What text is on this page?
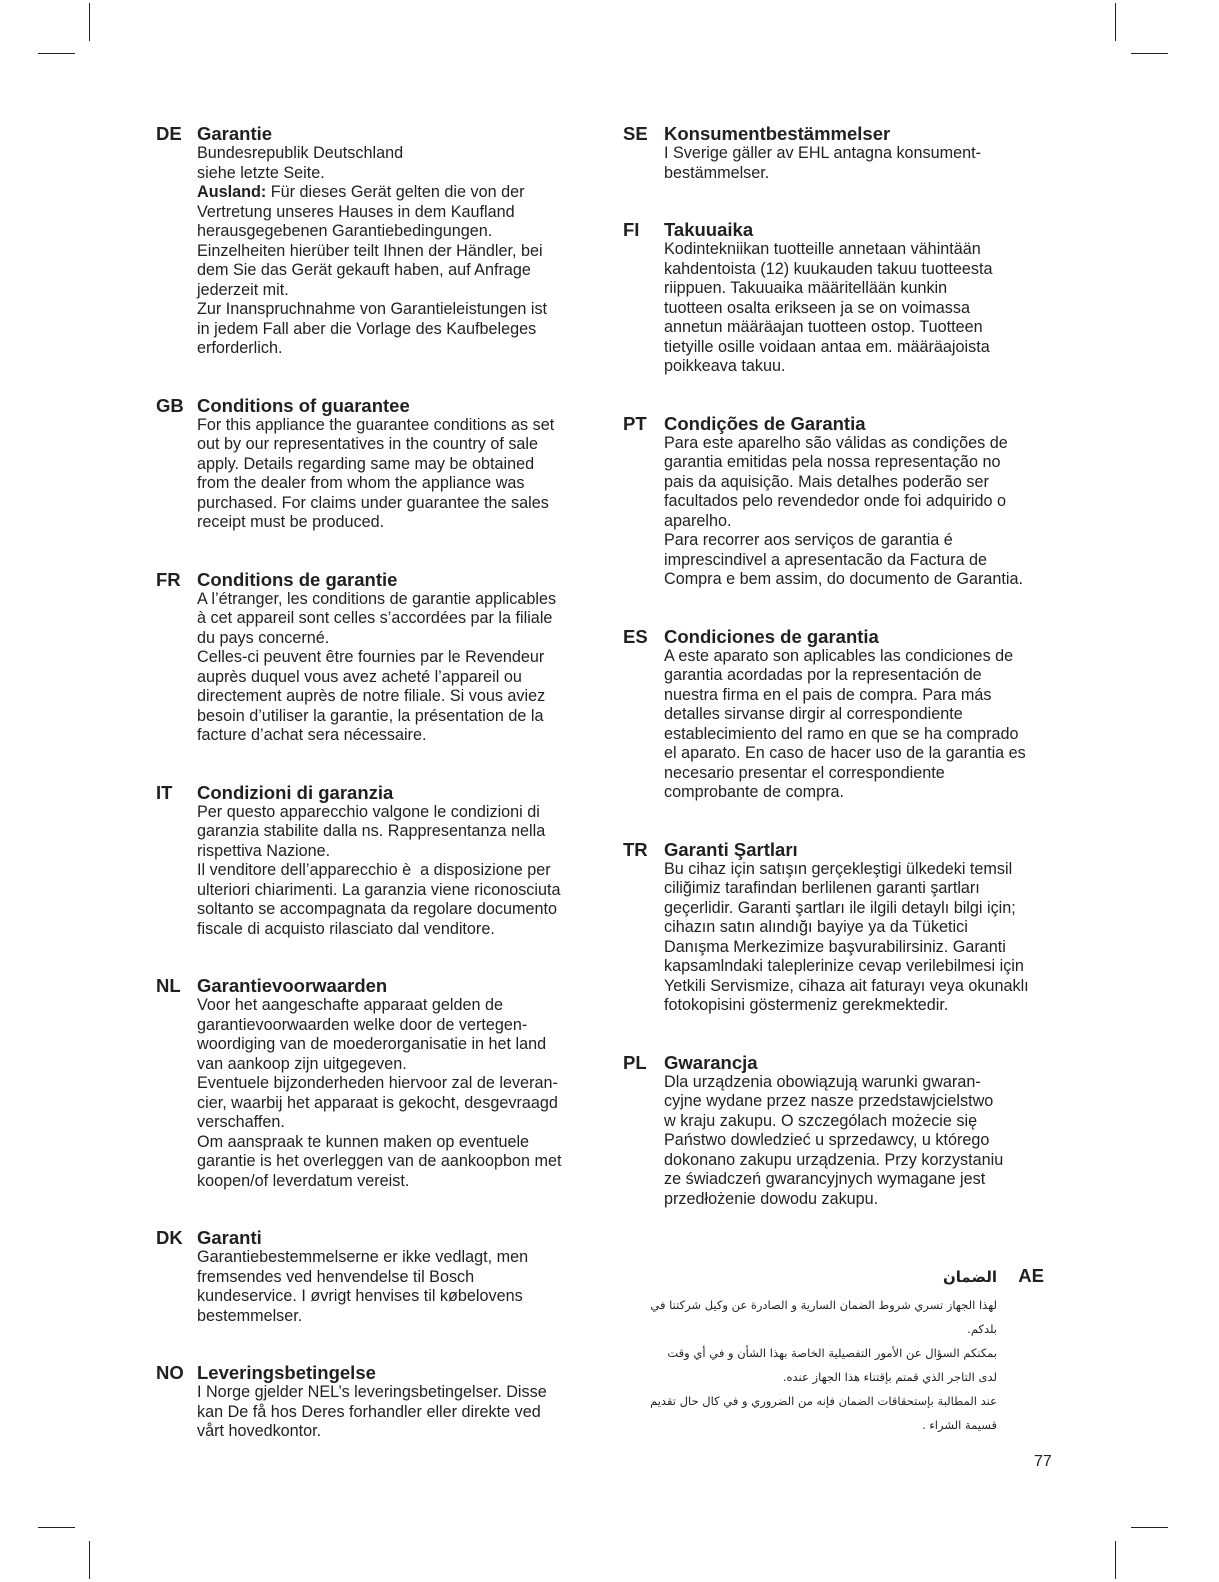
DE Garantie
Bundesrepublik Deutschland
siehe letzte Seite.
Ausland: Für dieses Gerät gelten die von der
Vertretung unseres Hauses in dem Kaufland
herausgegebenen Garantiebedingungen.
Einzelheiten hierüber teilt Ihnen der Händler, bei
dem Sie das Gerät gekauft haben, auf Anfrage
jederzeit mit.
Zur Inanspruchnahme von Garantieleistungen ist
in jedem Fall aber die Vorlage des Kaufbeleges
erforderlich.
GB Conditions of guarantee
For this appliance the guarantee conditions as set
out by our representatives in the country of sale
apply. Details regarding same may be obtained
from the dealer from whom the appliance was
purchased. For claims under guarantee the sales
receipt must be produced.
FR Conditions de garantie
A l’étranger, les conditions de garantie applicables
à cet appareil sont celles s’accordées par la filiale
du pays concerné.
Celles-ci peuvent être fournies par le Revendeur
auprès duquel vous avez acheté l’appareil ou
directement auprès de notre filiale. Si vous aviez
besoin d’utiliser la garantie, la présentation de la
facture d’achat sera nécessaire.
IT Condizioni di garanzia
Per questo apparecchio valgone le condizioni di
garanzia stabilite dalla ns. Rappresentanza nella
rispettiva Nazione.
Il venditore dell’apparecchio è  a disposizione per
ulteriori chiarimenti. La garanzia viene riconosciuta
soltanto se accompagnata da regolare documento
fiscale di acquisto rilasciato dal venditore.
NL Garantievoorwaarden
Voor het aangeschafte apparaat gelden de
garantievoorwaarden welke door de vertegen-
woordiging van de moederorganisatie in het land
van aankoop zijn uitgegeven.
Eventuele bijzonderheden hiervoor zal de leveran-
cier, waarbij het apparaat is gekocht, desgevraagd
verschaffen.
Om aanspraak te kunnen maken op eventuele
garantie is het overleggen van de aankoopbon met
koopen/of leverdatum vereist.
DK Garanti
Garantiebestemmelserne er ikke vedlagt, men
fremsendes ved henvendelse til Bosch
kundeservice. I øvrigt henvises til købelovens
bestemmelser.
NO Leveringsbetingelse
I Norge gjelder NEL’s leveringsbetingelser. Disse
kan De få hos Deres forhandler eller direkte ved
vårt hovedkontor.
SE Konsumentbestämmelser
I Sverige gäller av EHL antagna konsument-
bestämmelser.
FI Takuuaika
Kodintekniikan tuotteille annetaan vähintään
kahdentoista (12) kuukauden takuu tuotteesta
riippuen. Takuuaika määritellään kunkin
tuotteen osalta erikseen ja se on voimassa
annetun määräajan tuotteen ostop. Tuotteen
tietyille osille voidaan antaa em. määräajoista
poikkeava takuu.
PT Condições de Garantia
Para este aparelho são válidas as condições de
garantia emitidas pela nossa representação no
pais da aquisição. Mais detalhes poderão ser
facultados pelo revendedor onde foi adquirido o
aparelho.
Para recorrer aos serviços de garantia é
imprescindivel a apresentacão da Factura de
Compra e bem assim, do documento de Garantia.
ES Condiciones de garantia
A este aparato son aplicables las condiciones de
garantia acordadas por la representación de
nuestra firma en el pais de compra. Para más
detalles sirvanse dirgir al correspondiente
establecimiento del ramo en que se ha comprado
el aparato. En caso de hacer uso de la garantia es
necesario presentar el correspondiente
comprobante de compra.
TR Garanti Şartları
Bu cihaz için satışın gerçekleştigi ülkedeki temsil
ciliğimiz tarafindan berlilenen garanti şartları
geçerlidir. Garanti şartları ile ilgili detaylı bilgi için;
cihazın satın alındığı bayiye ya da Tüketici
Danışma Merkezimize başvurabilirsiniz. Garanti
kapsamlndaki taleplerinize cevap verilebilmesi için
Yetkili Servismize, cihaza ait faturayı veya okunaklı
fotokopisini göstermeniz gerekmektedir.
PL Gwarancja
Dla urządzenia obowiązują warunki gwaran-
cyjne wydane przez nasze przedstawjcielstwo
w kraju zakupu. O szczególach możecie się
Państwo dowledzieć u sprzedawcy, u którego
dokonano zakupu urządzenia. Przy korzystaniu
ze świadczeń gwarancyjnych wymagane jest
przedłożenie dowodu zakupu.
AE
الضمان
لهذا الجهاز تسري شروط الضمان السارية و الصادرة عن وكيل شركتنا في
بلدكم.
بمكنكم السؤال عن الأمور التفصيلية الخاصة بهذا الشأن و في أي وقت
لدى التاجر الذي قمتم بإقتناء هذا الجهاز عنده.
عند المطالبة بإستحقاقات الضمان فإنه من الضروري و في كال حال تقديم
قسيمة الشراء .
77
